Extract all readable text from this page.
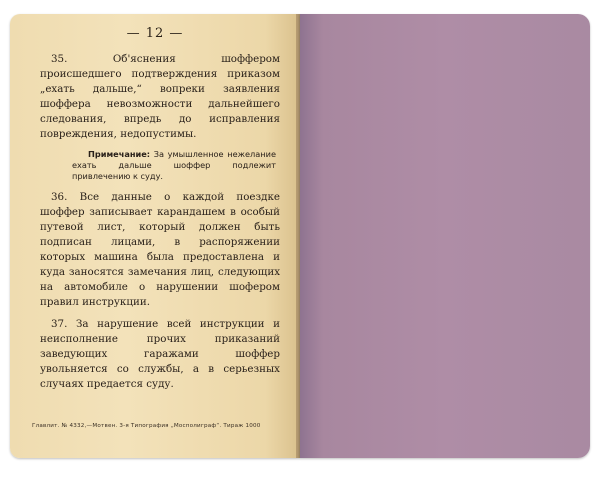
— 12 —

35. Об'яснения шоффером происшедшего подтверждения приказом „ехать дальше,“ вопреки заявления шоффера невозможности дальнейшего следования, впредь до исправления повреждения, недопустимы.

Примечание: За умышленное нежелание ехать дальше шоффер подлежит привлечению к суду.

36. Все данные о каждой поездке шоффер записывает карандашем в особый путевой лист, который должен быть подписан лицами, в распоряжении которых машина была предоставлена и куда заносятся замечания лиц, следующих на автомобиле о нарушении шофером правил инструкции.

37. За нарушение всей инструкции и неисполнение прочих приказаний заведующих гаражами шоффер увольняется со службы, а в серьезных случаях предается суду.

Главлит. № 4332,—Мотвен. 3-я Типография „Мосполиграф“. Тираж 1000
